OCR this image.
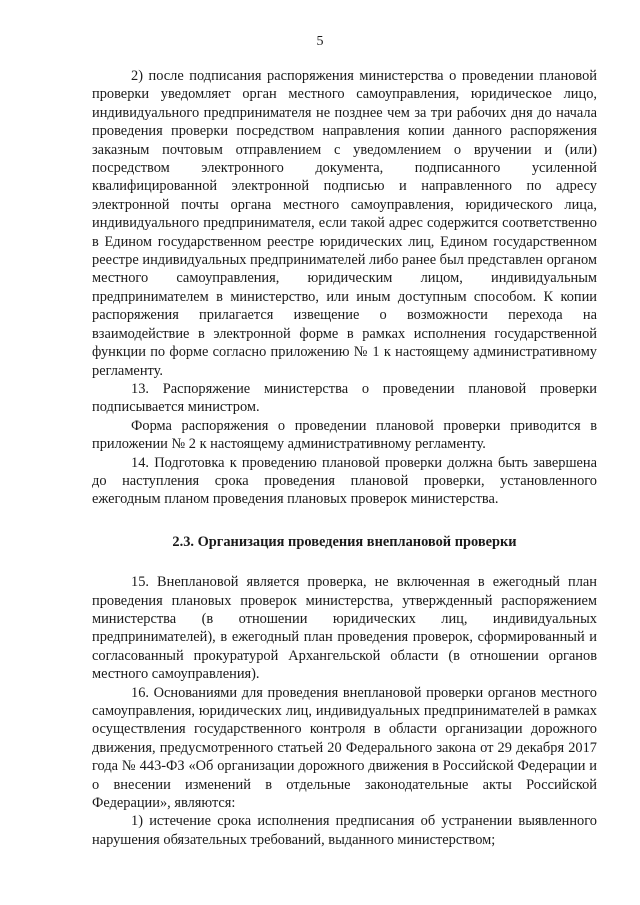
5

2) после подписания распоряжения министерства о проведении плановой проверки уведомляет орган местного самоуправления, юридическое лицо, индивидуального предпринимателя не позднее чем за три рабочих дня до начала проведения проверки посредством направления копии данного распоряжения заказным почтовым отправлением с уведомлением о вручении и (или) посредством электронного документа, подписанного усиленной квалифицированной электронной подписью и направленного по адресу электронной почты органа местного самоуправления, юридического лица, индивидуального предпринимателя, если такой адрес содержится соответственно в Едином государственном реестре юридических лиц, Едином государственном реестре индивидуальных предпринимателей либо ранее был представлен органом местного самоуправления, юридическим лицом, индивидуальным предпринимателем в министерство, или иным доступным способом. К копии распоряжения прилагается извещение о возможности перехода на взаимодействие в электронной форме в рамках исполнения государственной функции по форме согласно приложению № 1 к настоящему административному регламенту.

13. Распоряжение министерства о проведении плановой проверки подписывается министром.

Форма распоряжения о проведении плановой проверки приводится в приложении № 2 к настоящему административному регламенту.

14. Подготовка к проведению плановой проверки должна быть завершена до наступления срока проведения плановой проверки, установленного ежегодным планом проведения плановых проверок министерства.

2.3. Организация проведения внеплановой проверки

15. Внеплановой является проверка, не включенная в ежегодный план проведения плановых проверок министерства, утвержденный распоряжением министерства (в отношении юридических лиц, индивидуальных предпринимателей), в ежегодный план проведения проверок, сформированный и согласованный прокуратурой Архангельской области (в отношении органов местного самоуправления).

16. Основаниями для проведения внеплановой проверки органов местного самоуправления, юридических лиц, индивидуальных предпринимателей в рамках осуществления государственного контроля в области организации дорожного движения, предусмотренного статьей 20 Федерального закона от 29 декабря 2017 года № 443-ФЗ «Об организации дорожного движения в Российской Федерации и о внесении изменений в отдельные законодательные акты Российской Федерации», являются:

1) истечение срока исполнения предписания об устранении выявленного нарушения обязательных требований, выданного министерством;
